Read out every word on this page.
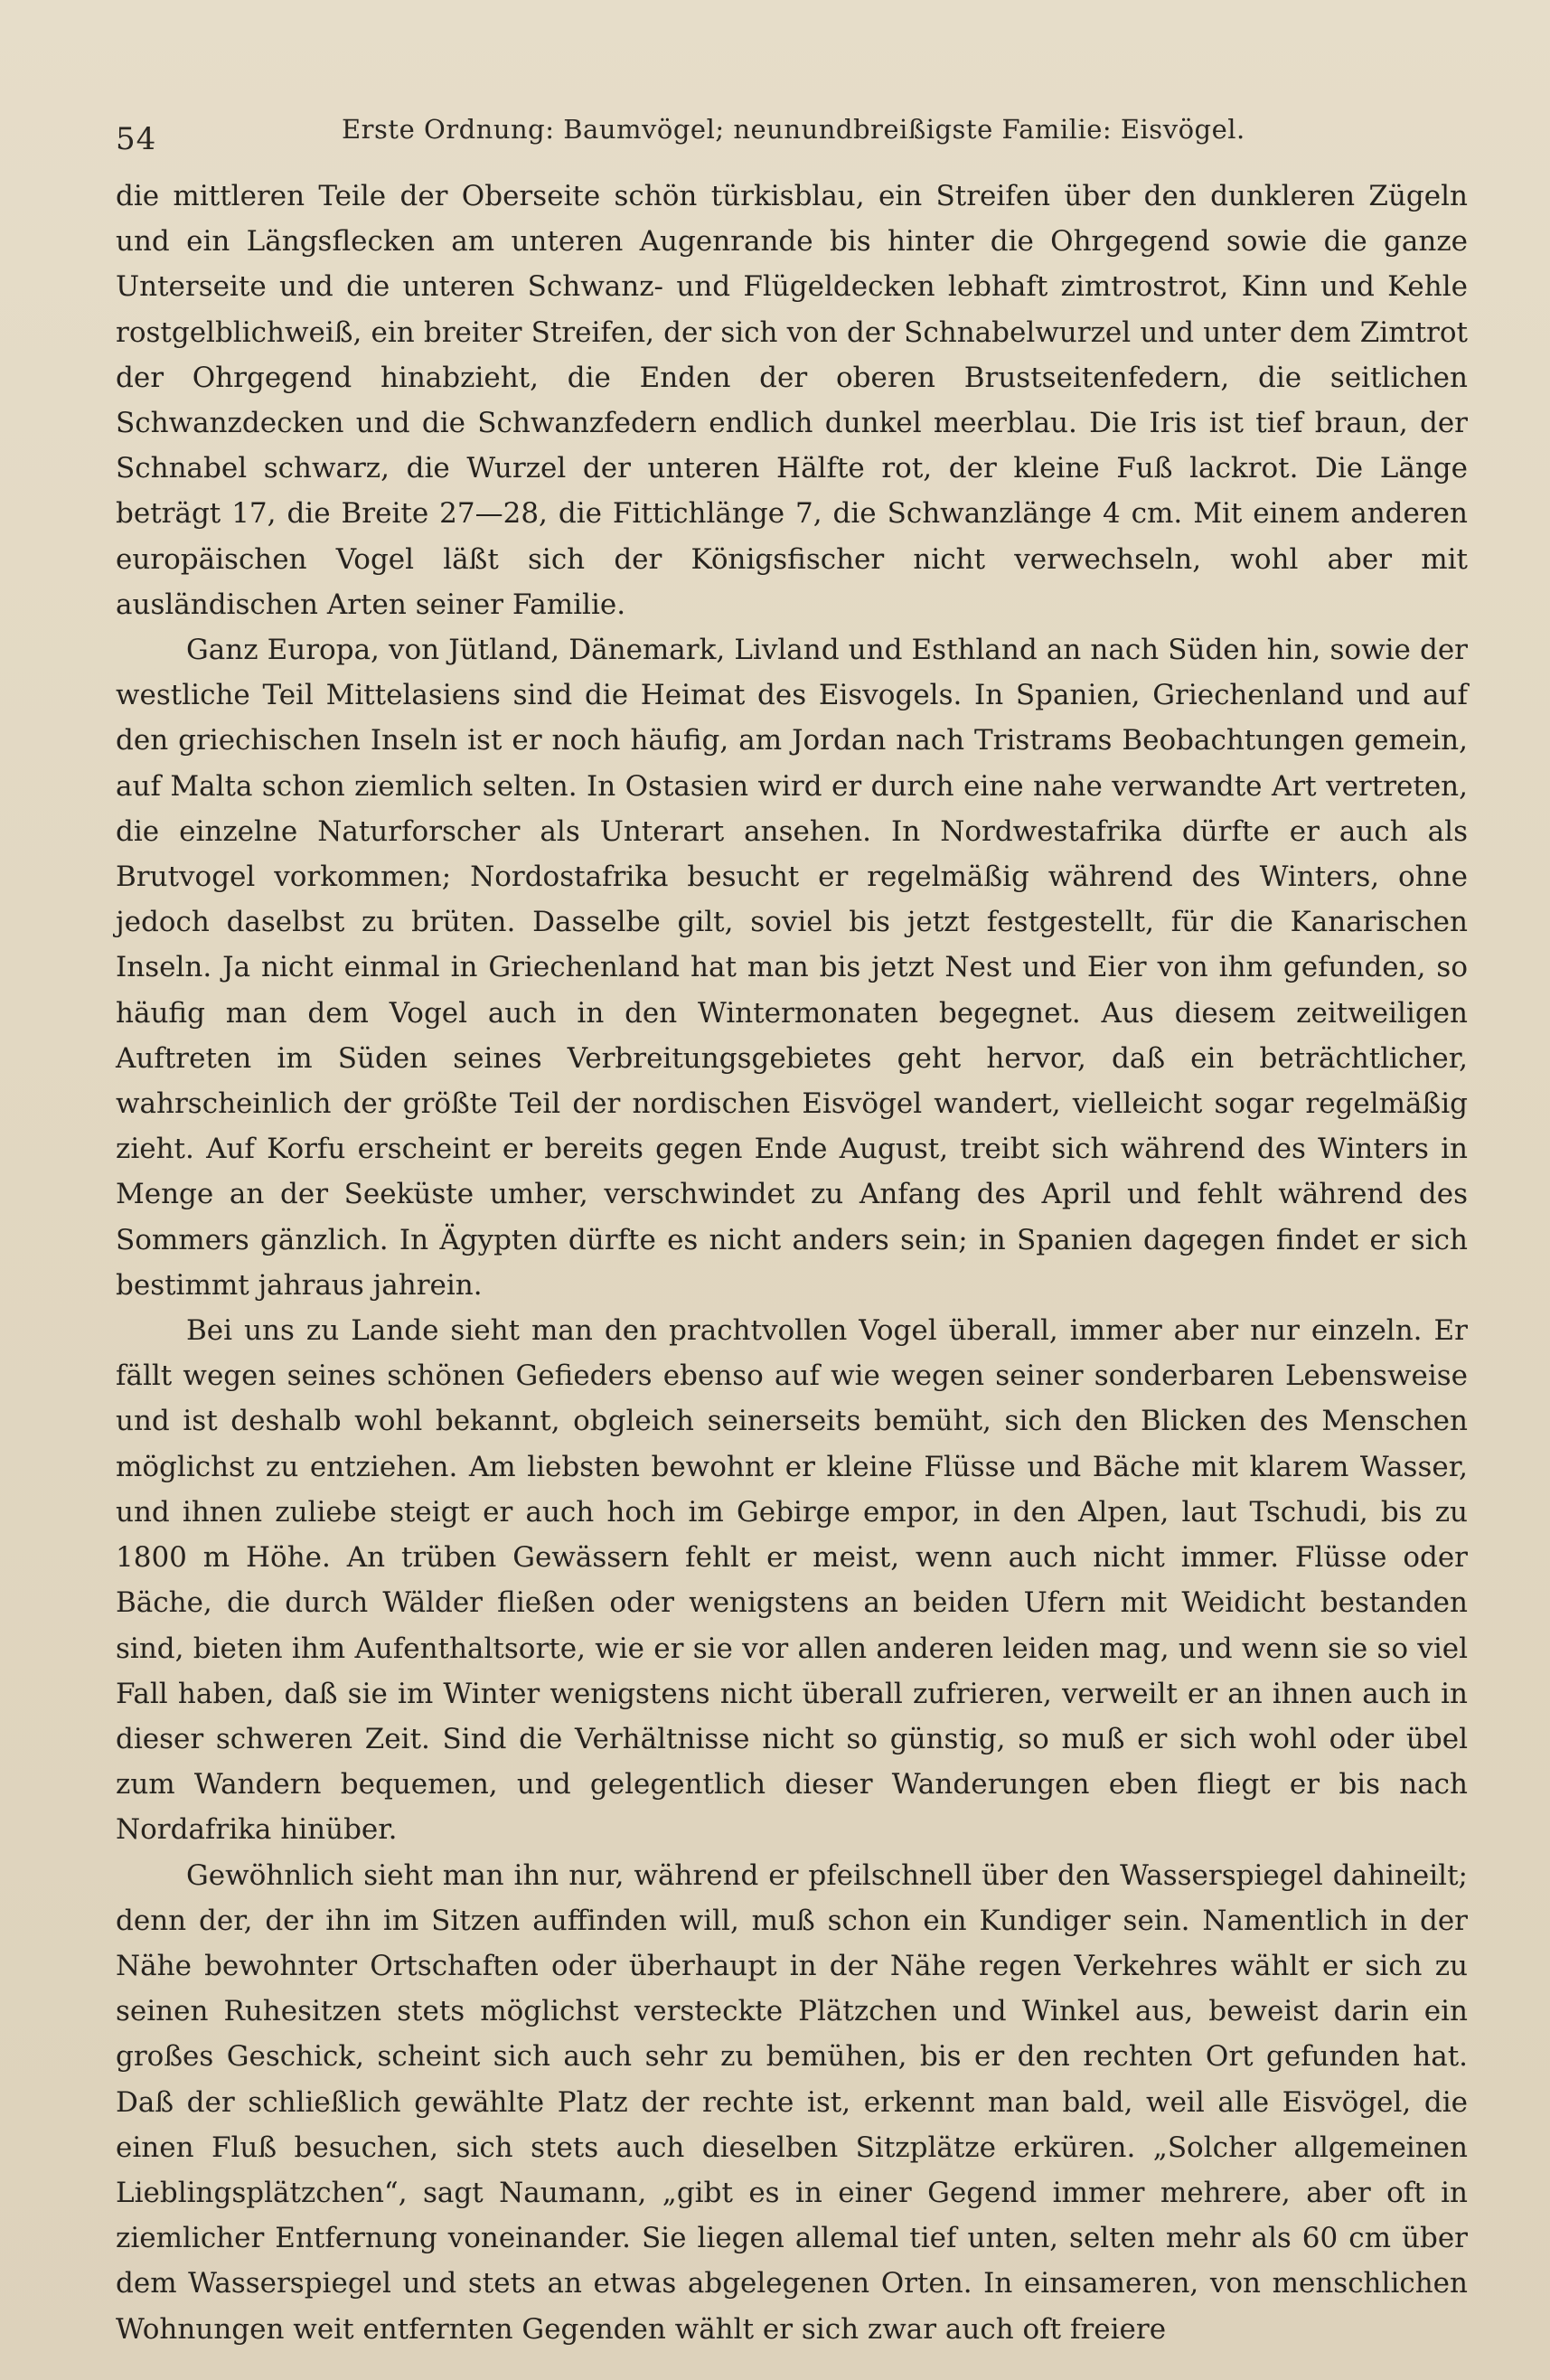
54	Erste Ordnung: Baumvögel; neunundbreißigste Familie: Eisvögel.

die mittleren Teile der Oberseite schön türkisblau, ein Streifen über den dunkleren Zügeln und ein Längsflecken am unteren Augenrande bis hinter die Ohrgegend sowie die ganze Unterseite und die unteren Schwanz- und Flügeldecken lebhaft zimtrostrot, Kinn und Kehle rostgelblichweiß, ein breiter Streifen, der sich von der Schnabelwurzel und unter dem Zimtrot der Ohrgegend hinabzieht, die Enden der oberen Brustseitenfedern, die seitlichen Schwanzdecken und die Schwanzfedern endlich dunkel meerblau. Die Iris ist tief braun, der Schnabel schwarz, die Wurzel der unteren Hälfte rot, der kleine Fuß lackrot. Die Länge beträgt 17, die Breite 27—28, die Fittichlänge 7, die Schwanzlänge 4 cm. Mit einem anderen europäischen Vogel läßt sich der Königsfischer nicht verwechseln, wohl aber mit ausländischen Arten seiner Familie.

Ganz Europa, von Jütland, Dänemark, Livland und Esthland an nach Süden hin, sowie der westliche Teil Mittelasiens sind die Heimat des Eisvogels. In Spanien, Griechenland und auf den griechischen Inseln ist er noch häufig, am Jordan nach Tristrams Beobachtungen gemein, auf Malta schon ziemlich selten. In Ostasien wird er durch eine nahe verwandte Art vertreten, die einzelne Naturforscher als Unterart ansehen. In Nordwestafrika dürfte er auch als Brutvogel vorkommen; Nordostafrika besucht er regelmäßig während des Winters, ohne jedoch daselbst zu brüten. Dasselbe gilt, soviel bis jetzt festgestellt, für die Kanarischen Inseln. Ja nicht einmal in Griechenland hat man bis jetzt Nest und Eier von ihm gefunden, so häufig man dem Vogel auch in den Wintermonaten begegnet. Aus diesem zeitweiligen Auftreten im Süden seines Verbreitungsgebietes geht hervor, daß ein beträchtlicher, wahrscheinlich der größte Teil der nordischen Eisvögel wandert, vielleicht sogar regelmäßig zieht. Auf Korfu erscheint er bereits gegen Ende August, treibt sich während des Winters in Menge an der Seeküste umher, verschwindet zu Anfang des April und fehlt während des Sommers gänzlich. In Ägypten dürfte es nicht anders sein; in Spanien dagegen findet er sich bestimmt jahraus jahrein.

Bei uns zu Lande sieht man den prachtvollen Vogel überall, immer aber nur einzeln. Er fällt wegen seines schönen Gefieders ebenso auf wie wegen seiner sonderbaren Lebensweise und ist deshalb wohl bekannt, obgleich seinerseits bemüht, sich den Blicken des Menschen möglichst zu entziehen. Am liebsten bewohnt er kleine Flüsse und Bäche mit klarem Wasser, und ihnen zuliebe steigt er auch hoch im Gebirge empor, in den Alpen, laut Tschudi, bis zu 1800 m Höhe. An trüben Gewässern fehlt er meist, wenn auch nicht immer. Flüsse oder Bäche, die durch Wälder fließen oder wenigstens an beiden Ufern mit Weidicht bestanden sind, bieten ihm Aufenthaltsorte, wie er sie vor allen anderen leiden mag, und wenn sie so viel Fall haben, daß sie im Winter wenigstens nicht überall zufrieren, verweilt er an ihnen auch in dieser schweren Zeit. Sind die Verhältnisse nicht so günstig, so muß er sich wohl oder übel zum Wandern bequemen, und gelegentlich dieser Wanderungen eben fliegt er bis nach Nordafrika hinüber.

Gewöhnlich sieht man ihn nur, während er pfeilschnell über den Wasserspiegel dahineilt; denn der, der ihn im Sitzen auffinden will, muß schon ein Kundiger sein. Namentlich in der Nähe bewohnter Ortschaften oder überhaupt in der Nähe regen Verkehres wählt er sich zu seinen Ruhesitzen stets möglichst versteckte Plätzchen und Winkel aus, beweist darin ein großes Geschick, scheint sich auch sehr zu bemühen, bis er den rechten Ort gefunden hat. Daß der schließlich gewählte Platz der rechte ist, erkennt man bald, weil alle Eisvögel, die einen Fluß besuchen, sich stets auch dieselben Sitzplätze erküren. „Solcher allgemeinen Lieblingsplätzchen“, sagt Naumann, „gibt es in einer Gegend immer mehrere, aber oft in ziemlicher Entfernung voneinander. Sie liegen allemal tief unten, selten mehr als 60 cm über dem Wasserspiegel und stets an etwas abgelegenen Orten. In einsameren, von menschlichen Wohnungen weit entfernten Gegenden wählt er sich zwar auch oft freiere
